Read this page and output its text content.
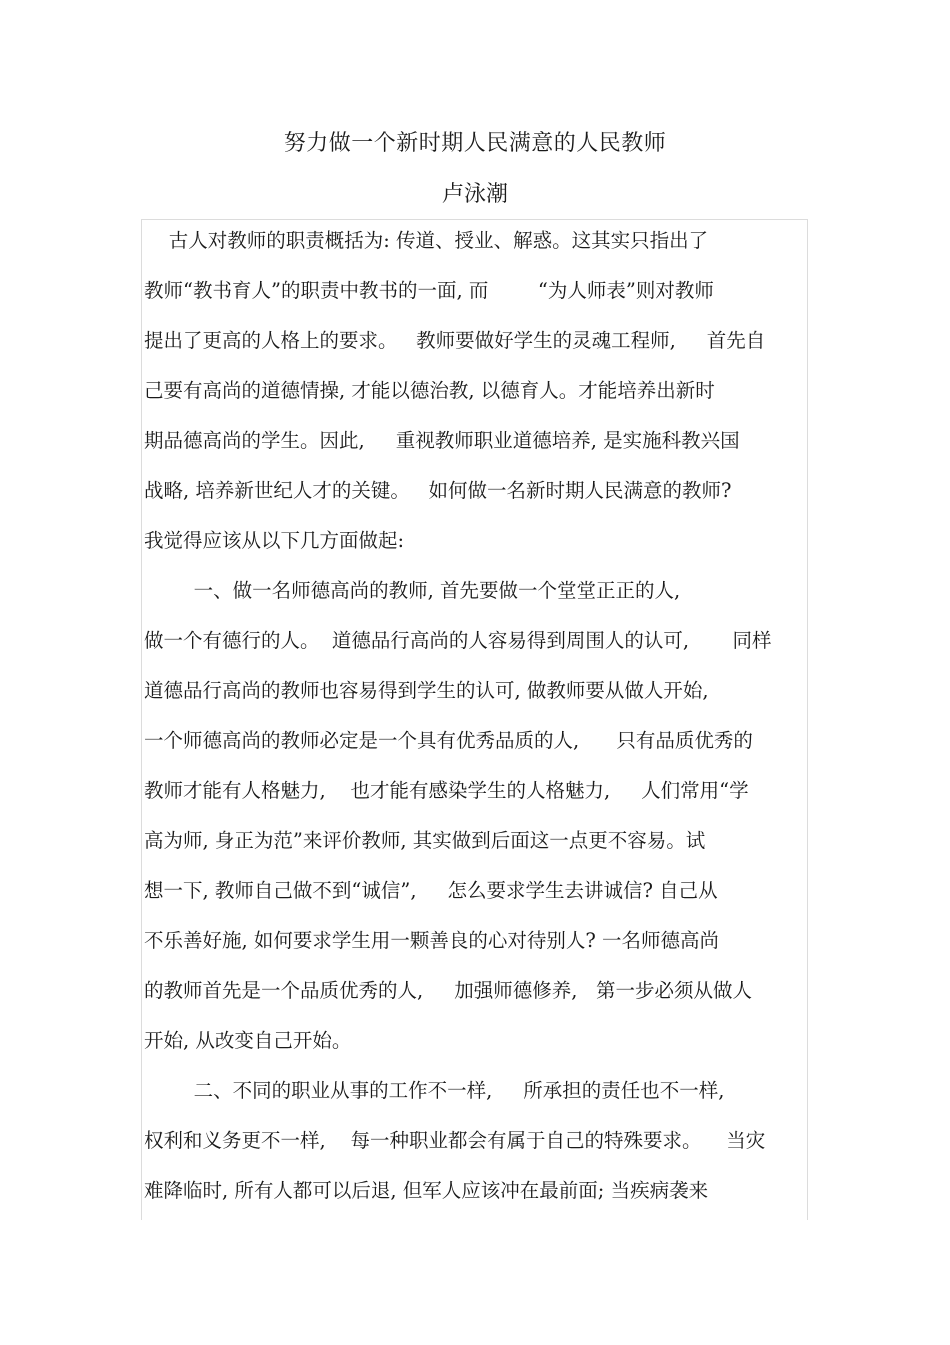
努力做一个新时期人民满意的人民教师
卢泳潮
古人对教师的职责概括为: 传道、授业、解惑。这其实只指出了
教师“教书育人”的职责中教书的一面, 而        “为人师表”则对教师
提出了更高的人格上的要求。   教师要做好学生的灵魂工程师,     首先自
己要有高尚的道德情操, 才能以德治教, 以德育人。才能培养出新时
期品德高尚的学生。因此,     重视教师职业道德培养, 是实施科教兴国
战略, 培养新世纪人才的关键。   如何做一名新时期人民满意的教师?
我觉得应该从以下几方面做起:
一、做一名师德高尚的教师, 首先要做一个堂堂正正的人,
做一个有德行的人。  道德品行高尚的人容易得到周围人的认可,       同样
道德品行高尚的教师也容易得到学生的认可, 做教师要从做人开始,
一个师德高尚的教师必定是一个具有优秀品质的人,      只有品质优秀的
教师才能有人格魅力,    也才能有感染学生的人格魅力,     人们常用“学
高为师, 身正为范”来评价教师, 其实做到后面这一点更不容易。试
想一下, 教师自己做不到“诚信”,     怎么要求学生去讲诚信? 自己从
不乐善好施, 如何要求学生用一颗善良的心对待别人? 一名师德高尚
的教师首先是一个品质优秀的人,     加强师德修养,   第一步必须从做人
开始, 从改变自己开始。
二、不同的职业从事的工作不一样,     所承担的责任也不一样,
权利和义务更不一样,    每一种职业都会有属于自己的特殊要求。    当灾
难降临时, 所有人都可以后退, 但军人应该冲在最前面; 当疾病袭来
